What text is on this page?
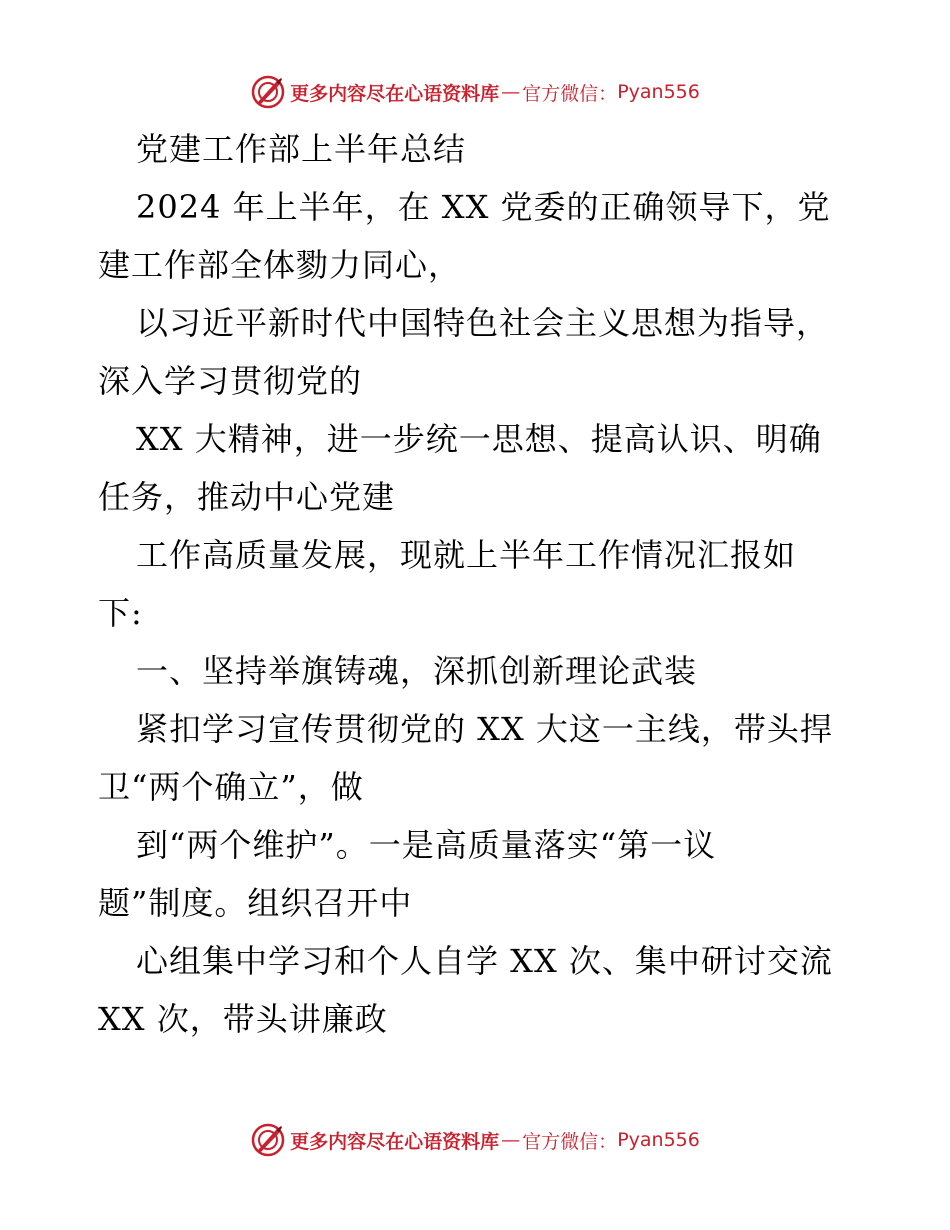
更多内容尽在心语资料库 — 官方微信： Pyan556
党建工作部上半年总结
2024 年上半年，在 XX 党委的正确领导下，党
建工作部全体勠力同心，
以习近平新时代中国特色社会主义思想为指导，
深入学习贯彻党的
XX 大精神，进一步统一思想、提高认识、明确
任务，推动中心党建
工作高质量发展，现就上半年工作情况汇报如
下:
一、坚持举旗铸魂，深抓创新理论武装
紧扣学习宣传贯彻党的 XX 大这一主线，带头捍
卫“两个确立”，做
到“两个维护”。一是高质量落实“第一议
题”制度。组织召开中
心组集中学习和个人自学 XX 次、集中研讨交流
XX 次，带头讲廉政
更多内容尽在心语资料库 — 官方微信： Pyan556
